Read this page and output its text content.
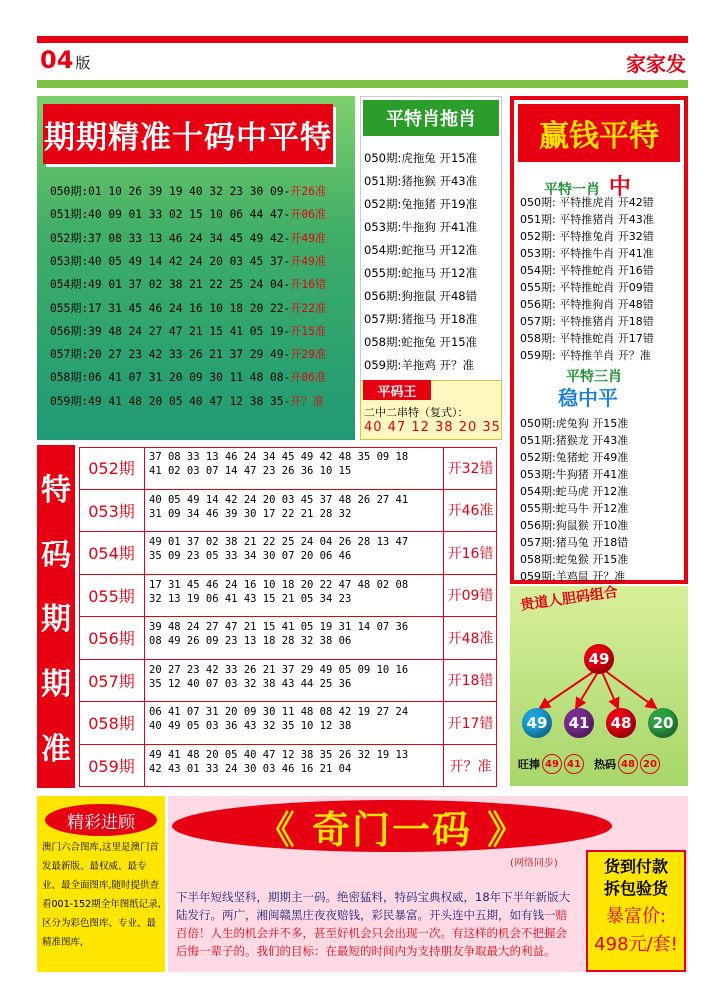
04 版	家家发
期期精准十码中平特
050期:01 10 26 39 19 40 32 23 30 09- 开26准
051期:40 09 01 33 02 15 10 06 44 47- 开06准
052期:37 08 33 13 46 24 34 45 49 42- 开49准
053期:40 05 49 14 42 24 20 03 45 37- 开49准
054期:49 01 37 02 38 21 22 25 24 04- 开16错
055期:17 31 45 46 24 16 10 18 20 22- 开22准
056期:39 48 24 27 47 21 15 41 05 19- 开15准
057期:20 27 23 42 33 26 21 37 29 49- 开29准
058期:06 41 07 31 20 09 30 11 48 08- 开06准
059期:49 41 48 20 05 40 47 12 38 35- 开？准
平特肖拖肖
050期:虎拖兔 开15准
051期:猪拖猴 开43准
052期:兔拖猪 开19准
053期:牛拖狗 开41准
054期:蛇拖马 开12准
055期:蛇拖马 开12准
056期:狗拖鼠 开48错
057期:猪拖马 开18准
058期:蛇拖兔 开15准
059期:羊拖鸡 开？准
平码王
二中二串特（复式）：
40 47 12 38 20 35
赢钱平特
平特一肖 中
050期: 平特推虎肖 开42错
051期: 平特推猪肖 开43准
052期: 平特推兔肖 开32错
053期: 平特推牛肖 开41准
054期: 平特推蛇肖 开16错
055期: 平特推蛇肖 开09错
056期: 平特推狗肖 开48错
057期: 平特推猪肖 开18错
058期: 平特推蛇肖 开17错
059期: 平特推羊肖 开？准
平特三肖
稳中平
050期:虎兔狗 开15准
051期:猪猴龙 开43准
052期:兔猪蛇 开49准
053期:牛狗猪 开41准
054期:蛇马虎 开12准
055期:蛇马牛 开12准
056期:狗鼠猴 开10准
057期:猪马兔 开18错
058期:蛇兔猴 开15准
059期:羊鸡鼠 开？准
特
码
期
期
准
052期
37 08 33 13 46 24 34 45 49 42 48 35 09 18
41 02 03 07 14 47 23 26 36 10 15	开32错
053期
40 05 49 14 42 24 20 03 45 37 48 26 27 41
31 09 34 46 39 30 17 22 21 28 32	开46准
054期
49 01 37 02 38 21 22 25 24 04 26 28 13 47
35 09 23 05 33 34 30 07 20 06 46	开16错
055期
17 31 45 46 24 16 10 18 20 22 47 48 02 08
32 13 19 06 41 43 15 21 05 34 23	开09错
056期
39 48 24 27 47 21 15 41 05 19 31 14 07 36
08 49 26 09 23 13 18 28 32 38 06	开48准
057期
20 27 23 42 33 26 21 37 29 49 05 09 10 16
35 12 40 07 03 32 38 43 44 25 36	开18错
058期
06 41 07 31 20 09 30 11 48 08 42 19 27 24
40 49 05 03 36 43 32 35 10 12 38	开17错
059期
49 41 48 20 05 40 47 12 38 35 26 32 19 13
42 43 01 33 24 30 03 46 16 21 04	开？准
贵道人胆码组合
49
49	41	48	20
旺捧 49 41 热码 48 20
精彩进顾
澳门六合图库,这里是澳门首发最新版、最权威、最专业、最全面图库,随时提供查看001-152期全年图纸记录,区分为彩色图库、专业、最精准图库,
《 奇门一码 》
(网络同步)
下半年短线坚科，期期主一码。绝密猛料，特码宝典权威，18年下半年新版大陆发行。两广，湘闽赣黑庄夜夜赔钱，彩民暴富。开头连中五期，如有钱一赔百倍！人生的机会并不多，甚至好机会只会出现一次。有这样的机会不把握会后悔一辈子的。我们的目标：在最短的时间内为支持朋友争取最大的利益。
货到付款
拆包验货
暴富价:
498元/套!
